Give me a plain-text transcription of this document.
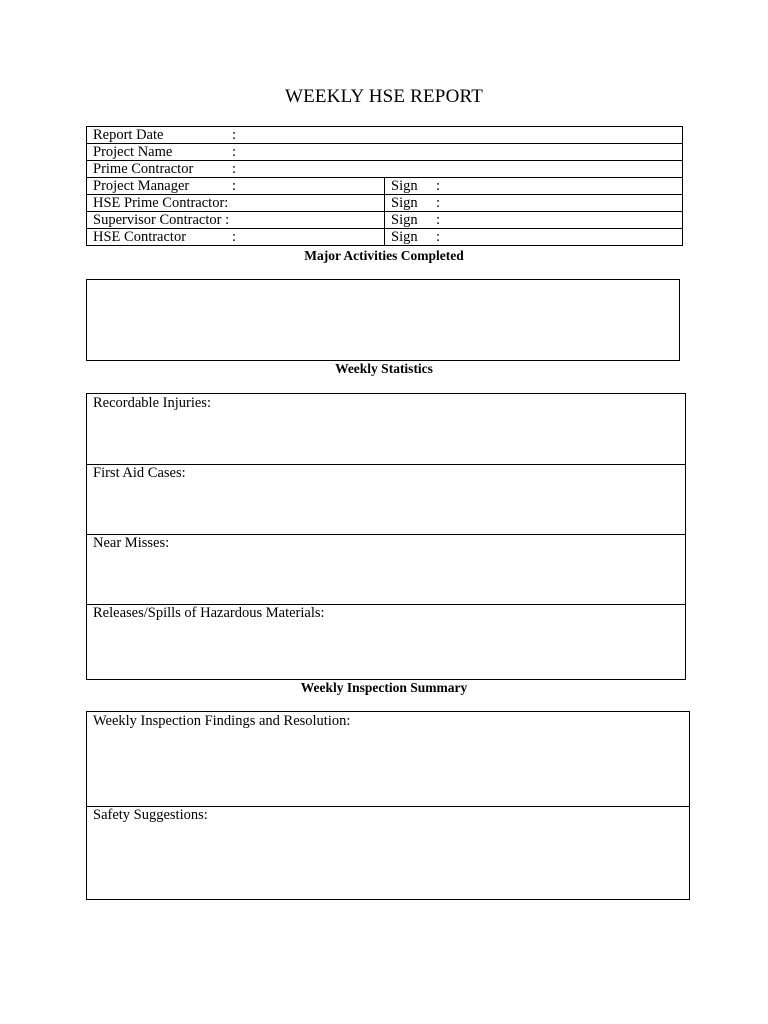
WEEKLY HSE REPORT
Report Date :	
Project Name :	
Prime Contractor :	
Project Manager :	Sign :
HSE Prime Contractor:	Sign :
Supervisor Contractor :	Sign :
HSE Contractor :	Sign :
Major Activities Completed
Weekly Statistics
Recordable Injuries:
First Aid Cases:
Near Misses:
Releases/Spills of Hazardous Materials:
Weekly Inspection Summary
Weekly Inspection Findings and Resolution:
Safety Suggestions:
